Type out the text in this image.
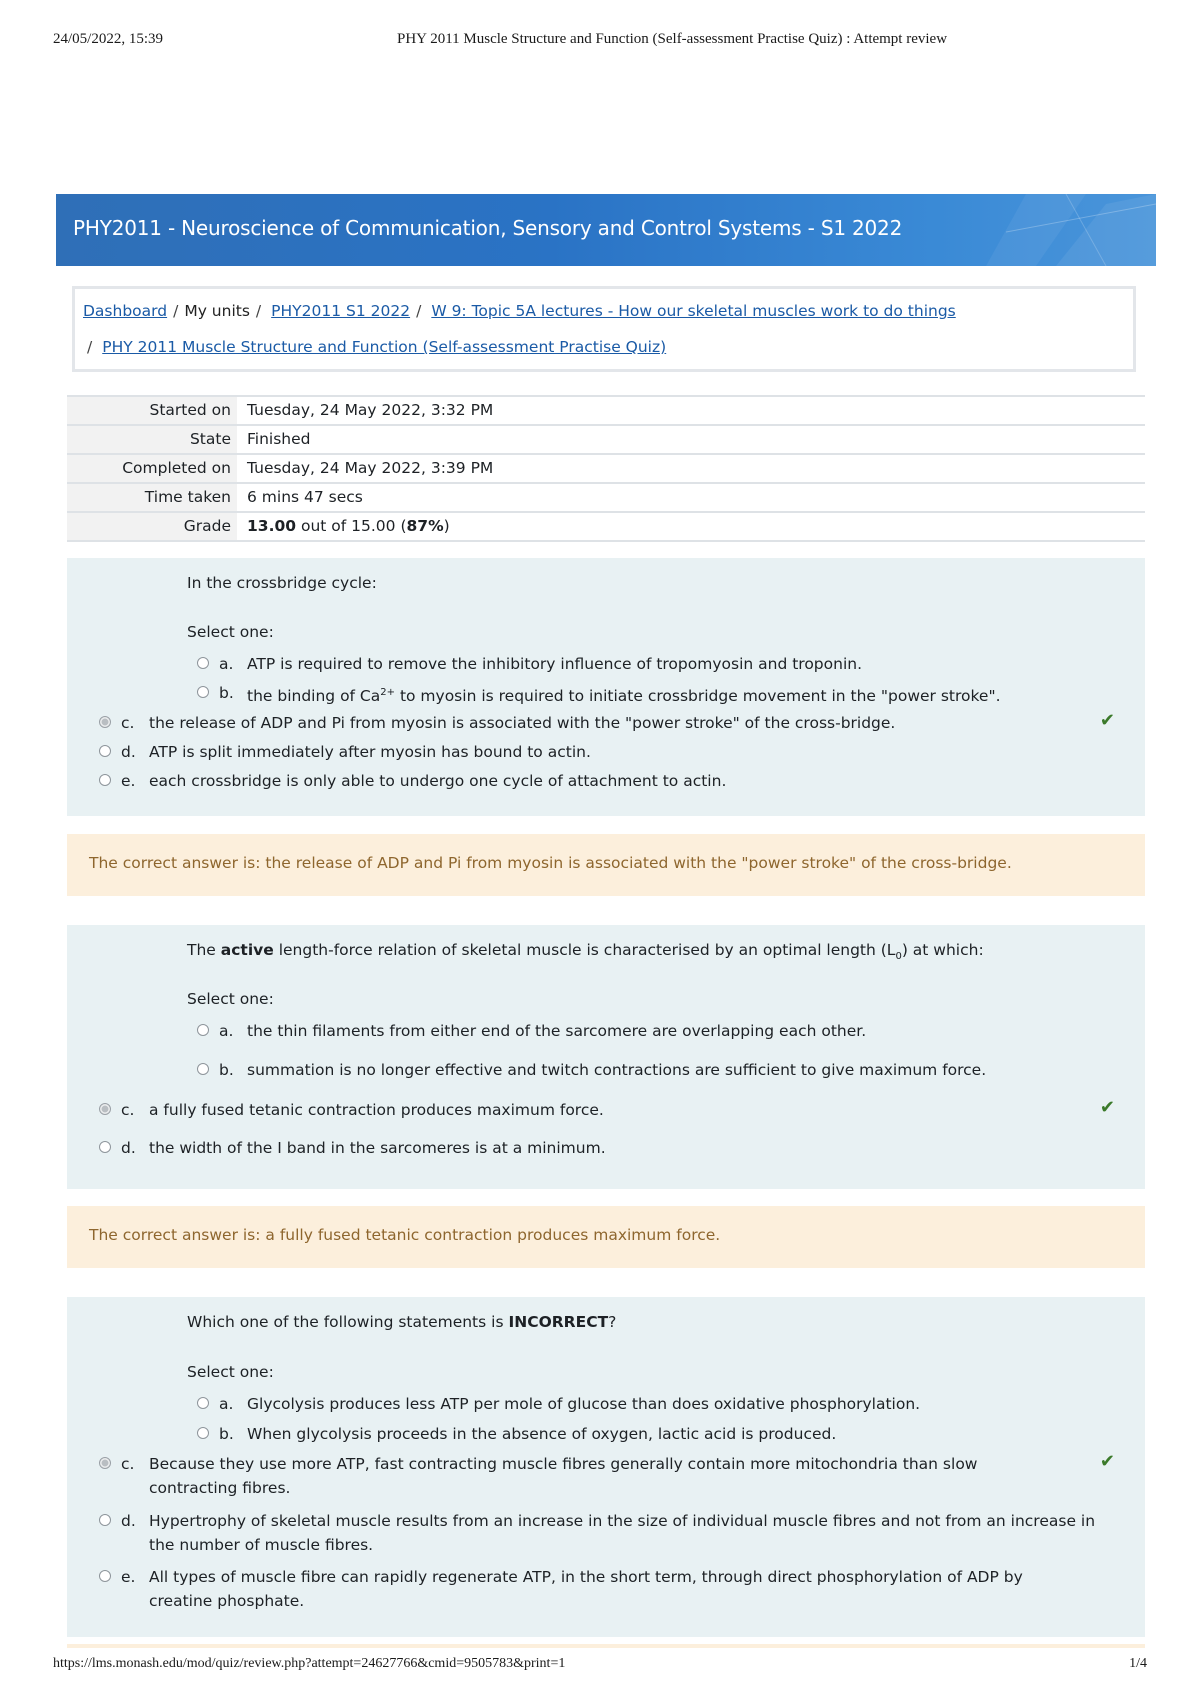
24/05/2022, 15:39	PHY 2011 Muscle Structure and Function (Self-assessment Practise Quiz) : Attempt review
PHY2011 - Neuroscience of Communication, Sensory and Control Systems - S1 2022
Dashboard / My units / PHY2011 S1 2022 / W 9: Topic 5A lectures - How our skeletal muscles work to do things
/ PHY 2011 Muscle Structure and Function (Self-assessment Practise Quiz)
Started on	Tuesday, 24 May 2022, 3:32 PM
State	Finished
Completed on	Tuesday, 24 May 2022, 3:39 PM
Time taken	6 mins 47 secs
Grade	13.00 out of 15.00 (87%)
In the crossbridge cycle:
Select one:
a. ATP is required to remove the inhibitory influence of tropomyosin and troponin.
b. the binding of $Ca^{2+}$ to myosin is required to initiate crossbridge movement in the "power stroke".
c. the release of ADP and Pi from myosin is associated with the "power stroke" of the cross-bridge.	✔
d. ATP is split immediately after myosin has bound to actin.
e. each crossbridge is only able to undergo one cycle of attachment to actin.
The correct answer is: the release of ADP and Pi from myosin is associated with the "power stroke" of the cross-bridge.
The active length-force relation of skeletal muscle is characterised by an optimal length $(L_0)$ at which:
Select one:
a. the thin filaments from either end of the sarcomere are overlapping each other.
b. summation is no longer effective and twitch contractions are sufficient to give maximum force.
c. a fully fused tetanic contraction produces maximum force.	✔
d. the width of the I band in the sarcomeres is at a minimum.
The correct answer is: a fully fused tetanic contraction produces maximum force.
Which one of the following statements is INCORRECT?
Select one:
a. Glycolysis produces less ATP per mole of glucose than does oxidative phosphorylation.
b. When glycolysis proceeds in the absence of oxygen, lactic acid is produced.
c. Because they use more ATP, fast contracting muscle fibres generally contain more mitochondria than slow contracting fibres.
✔
d. Hypertrophy of skeletal muscle results from an increase in the size of individual muscle fibres and not from an increase in the number of muscle fibres.
e. All types of muscle fibre can rapidly regenerate ATP, in the short term, through direct phosphorylation of ADP by creatine phosphate.
https://lms.monash.edu/mod/quiz/review.php?attempt=24627766&cmid=9505783&print=1	1/4
